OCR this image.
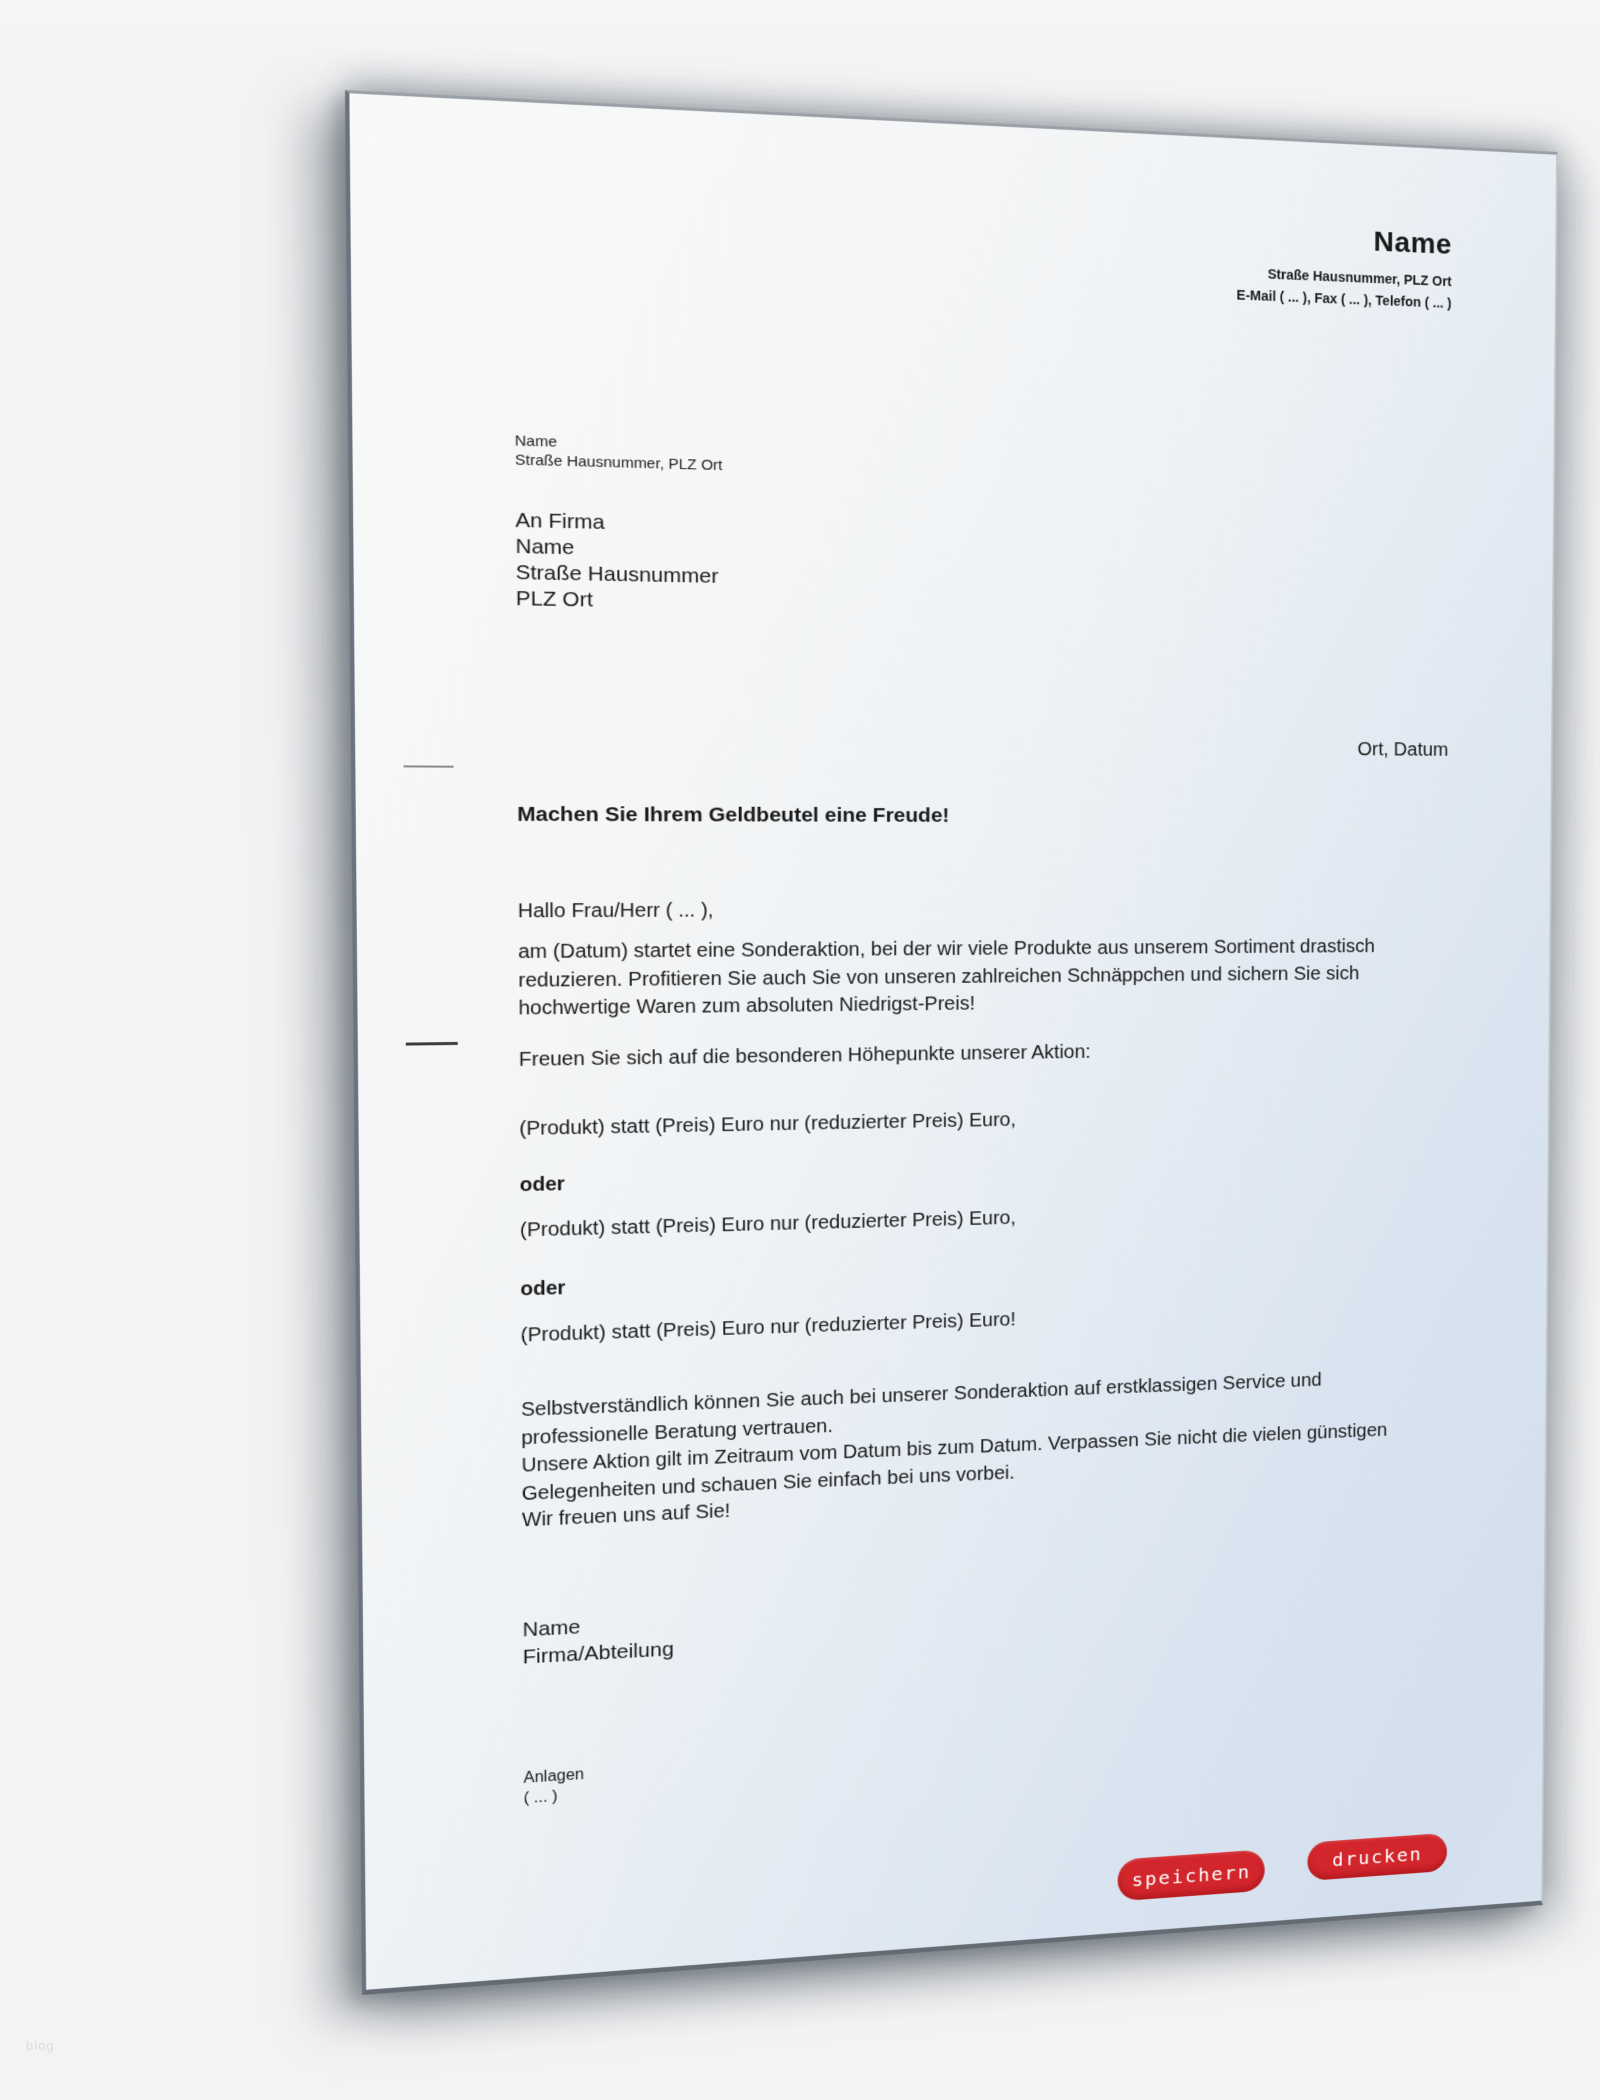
Name
Straße Hausnummer, PLZ Ort
E-Mail ( ... ), Fax ( ... ), Telefon ( ... )
Name
Straße Hausnummer, PLZ Ort
An Firma
Name
Straße Hausnummer
PLZ Ort
Ort, Datum
Machen Sie Ihrem Geldbeutel eine Freude!
Hallo Frau/Herr ( ... ),
am (Datum) startet eine Sonderaktion, bei der wir viele Produkte aus unserem Sortiment drastisch
reduzieren. Profitieren Sie auch Sie von unseren zahlreichen Schnäppchen und sichern Sie sich
hochwertige Waren zum absoluten Niedrigst-Preis!
Freuen Sie sich auf die besonderen Höhepunkte unserer Aktion:
(Produkt) statt (Preis) Euro nur (reduzierter Preis) Euro,
oder
(Produkt) statt (Preis) Euro nur (reduzierter Preis) Euro,
oder
(Produkt) statt (Preis) Euro nur (reduzierter Preis) Euro!
Selbstverständlich können Sie auch bei unserer Sonderaktion auf erstklassigen Service und
professionelle Beratung vertrauen.
Unsere Aktion gilt im Zeitraum vom Datum bis zum Datum. Verpassen Sie nicht die vielen günstigen
Gelegenheiten und schauen Sie einfach bei uns vorbei.
Wir freuen uns auf Sie!
Name
Firma/Abteilung
Anlagen
( ... )
speichern
drucken
blog
